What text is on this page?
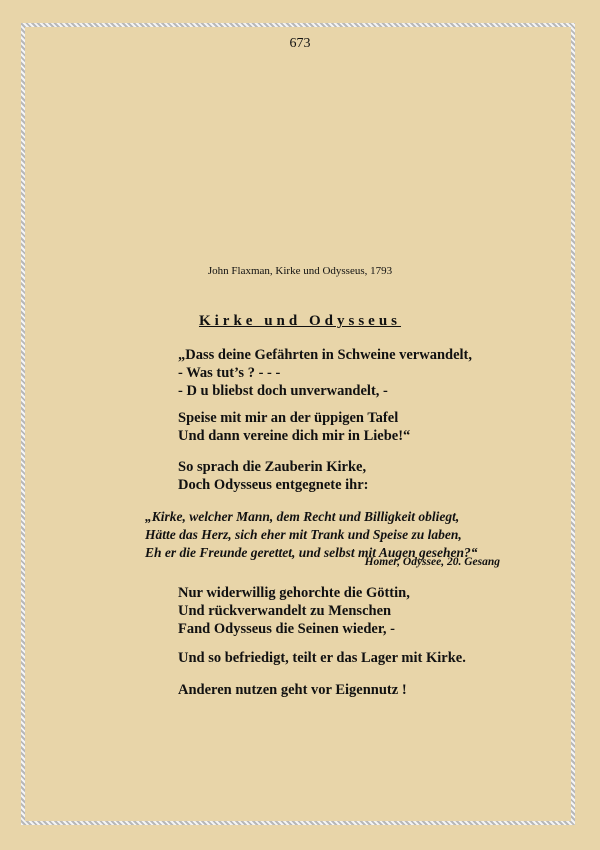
673
John Flaxman, Kirke und Odysseus, 1793
Kirke und Odysseus
„Dass deine Gefährten in Schweine verwandelt,
- Was tut’s ? - - -
- D u bliebst doch unverwandelt, -
Speise mit mir an der üppigen Tafel
Und dann vereine dich mir in Liebe!“
So sprach die Zauberin Kirke,
Doch Odysseus entgegnete ihr:
„Kirke, welcher Mann, dem Recht und Billigkeit obliegt,
Hätte das Herz, sich eher mit Trank und Speise zu laben,
Eh er die Freunde gerettet, und selbst mit Augen gesehen?“
Homer, Odyssee, 20. Gesang
Nur widerwillig gehorchte die Göttin,
Und rückverwandelt zu Menschen
Fand Odysseus die Seinen wieder, -
Und so befriedigt, teilt er das Lager mit Kirke.
Anderen nutzen geht vor Eigennutz !
